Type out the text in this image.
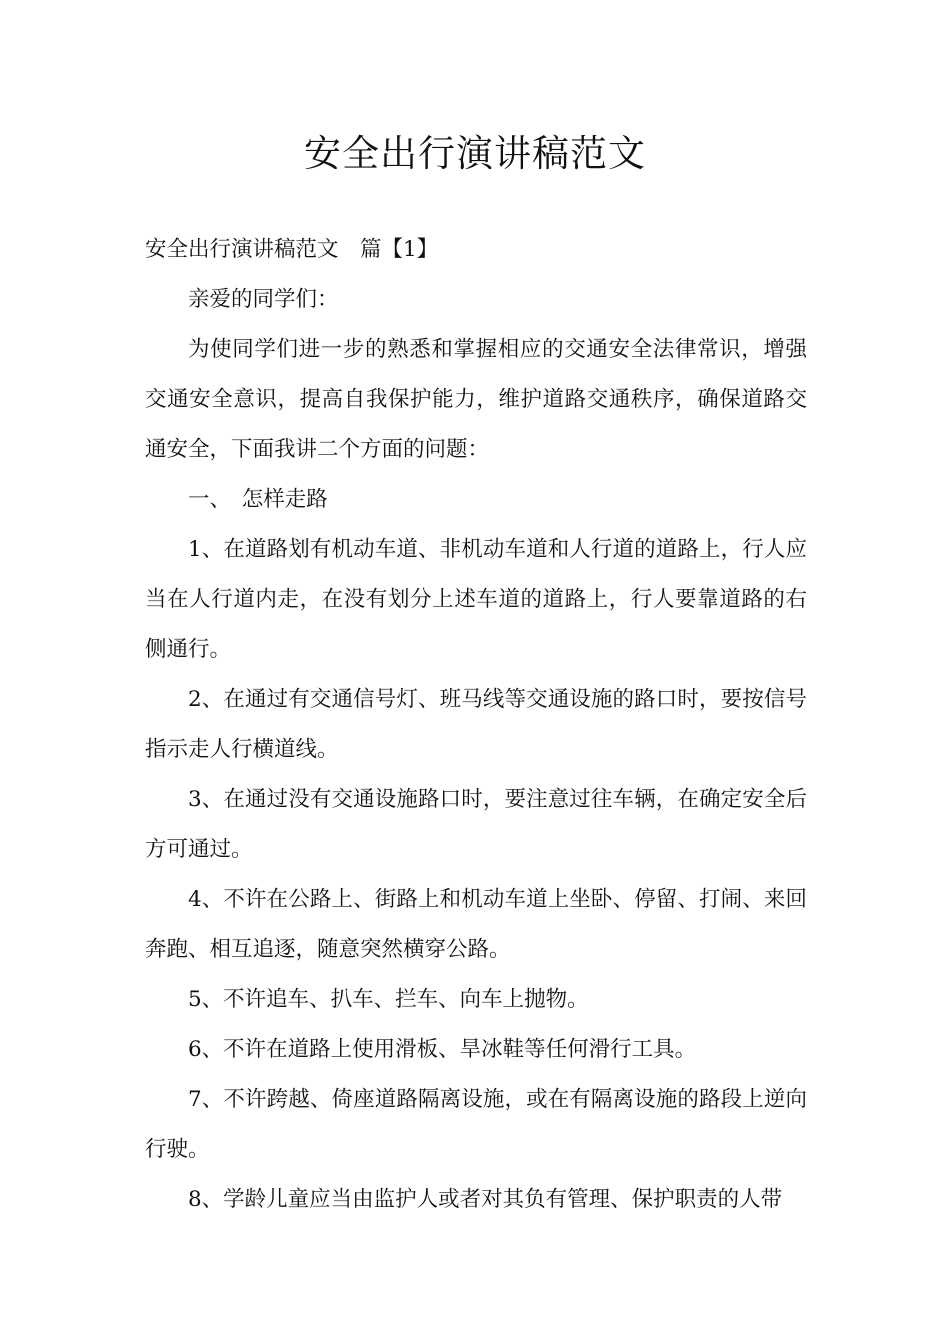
安全出行演讲稿范文

安全出行演讲稿范文　篇【1】

亲爱的同学们：

为使同学们进一步的熟悉和掌握相应的交通安全法律常识，增强交通安全意识，提高自我保护能力，维护道路交通秩序，确保道路交通安全，下面我讲二个方面的问题：

一、　怎样走路

1、在道路划有机动车道、非机动车道和人行道的道路上，行人应当在人行道内走，在没有划分上述车道的道路上，行人要靠道路的右侧通行。

2、在通过有交通信号灯、班马线等交通设施的路口时，要按信号指示走人行横道线。

3、在通过没有交通设施路口时，要注意过往车辆，在确定安全后方可通过。

4、不许在公路上、街路上和机动车道上坐卧、停留、打闹、来回奔跑、相互追逐，随意突然横穿公路。

5、不许追车、扒车、拦车、向车上抛物。

6、不许在道路上使用滑板、旱冰鞋等任何滑行工具。

7、不许跨越、倚座道路隔离设施，或在有隔离设施的路段上逆向行驶。

8、学龄儿童应当由监护人或者对其负有管理、保护职责的人带
